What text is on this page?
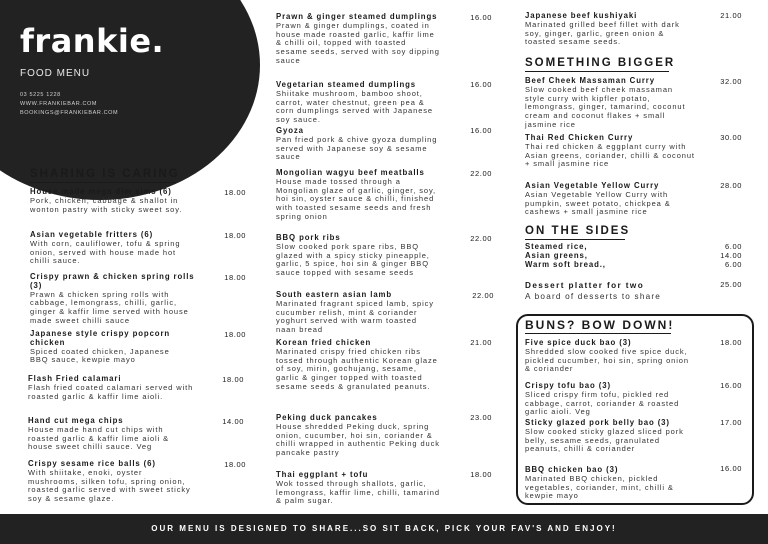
frankie.
FOOD MENU
03 5225 1228
WWW.FRANKIEBAR.COM
BOOKINGS@FRANKIEBAR.COM
SHARING IS CARING
House made mega dim sims (6)
Pork, chicken, cabbage & shallot in wonton pastry with sticky sweet soy.
18.00
Asian vegetable fritters (6)
With corn, cauliflower, tofu & spring onion, served with house made hot chilli sauce.
18.00
Crispy prawn & chicken spring rolls (3)
Prawn & chicken spring rolls with cabbage, lemongrass, chilli, garlic, ginger & kaffir lime served with house made sweet chilli sauce
18.00
Japanese style crispy popcorn chicken
Spiced coated chicken, Japanese BBQ sauce, kewpie mayo
18.00
Flash Fried calamari
Flash fried coated calamari served with roasted garlic & kaffir lime aioli.
18.00
Hand cut mega chips
House made hand cut chips with roasted garlic & kaffir lime aioli & house sweet chilli sauce. Veg
14.00
Crispy sesame rice balls (6)
With shiitake, enoki, oyster mushrooms, silken tofu, spring onion, roasted garlic served with sweet sticky soy & sesame glaze.
18.00
Prawn & ginger steamed dumplings
Prawn & ginger dumplings, coated in house made roasted garlic, kaffir lime & chilli oil, topped with toasted sesame seeds, served with soy dipping sauce
16.00
Vegetarian steamed dumplings
Shiitake mushroom, bamboo shoot, carrot, water chestnut, green pea & corn dumplings served with Japanese soy sauce.
16.00
Gyoza
Pan fried pork & chive gyoza dumpling served with Japanese soy & sesame sauce
16.00
Mongolian wagyu beef meatballs
House made tossed through a Mongolian glaze of garlic, ginger, soy, hoi sin, oyster sauce & chilli, finished with toasted sesame seeds and fresh spring onion
22.00
BBQ pork ribs
Slow cooked pork spare ribs, BBQ glazed with a spicy sticky pineapple, garlic, 5 spice, hoi sin & ginger BBQ sauce topped with sesame seeds
22.00
South eastern asian lamb
Marinated fragrant spiced lamb, spicy cucumber relish, mint & coriander yoghurt served with warm toasted naan bread
22.00
Korean fried chicken
Marinated crispy fried chicken ribs tossed through authentic Korean glaze of soy, mirin, gochujang, sesame, garlic & ginger topped with toasted sesame seeds & granulated peanuts.
21.00
Peking duck pancakes
House shredded Peking duck, spring onion, cucumber, hoi sin, coriander & chilli wrapped in authentic Peking duck pancake pastry
23.00
Thai eggplant + tofu
Wok tossed through shallots, garlic, lemongrass, kaffir lime, chilli, tamarind & palm sugar.
18.00
Japanese beef kushiyaki
Marinated grilled beef fillet with dark soy, ginger, garlic, green onion & toasted sesame seeds.
21.00
SOMETHING BIGGER
Beef Cheek Massaman Curry
Slow cooked beef cheek massaman style curry with kipfler potato, lemongrass, ginger, tamarind, coconut cream and coconut flakes + small jasmine rice
32.00
Thai Red Chicken Curry
Thai red chicken & eggplant curry with Asian greens, coriander, chilli & coconut + small jasmine rice
30.00
Asian Vegetable Yellow Curry
Asian Vegetable Yellow Curry with pumpkin, sweet potato, chickpea & cashews + small jasmine rice
28.00
ON THE SIDES
Steamed rice,
Asian greens,
Warm soft bread.,
6.00
14.00
6.00
Dessert platter for two
A board of desserts to share
25.00
BUNS? BOW DOWN!
Five spice duck bao (3)
Shredded slow cooked five spice duck, pickled cucumber, hoi sin, spring onion & coriander
18.00
Crispy tofu bao (3)
Sliced crispy firm tofu, pickled red cabbage, carrot, coriander & roasted garlic aioli. Veg
16.00
Sticky glazed pork belly bao (3)
Slow cooked sticky glazed sliced pork belly, sesame seeds, granulated peanuts, chilli & coriander
17.00
BBQ chicken bao (3)
Marinated BBQ chicken, pickled vegetables, coriander, mint, chilli & kewpie mayo
16.00
OUR MENU IS DESIGNED TO SHARE...SO SIT BACK, PICK YOUR FAV'S AND ENJOY!
